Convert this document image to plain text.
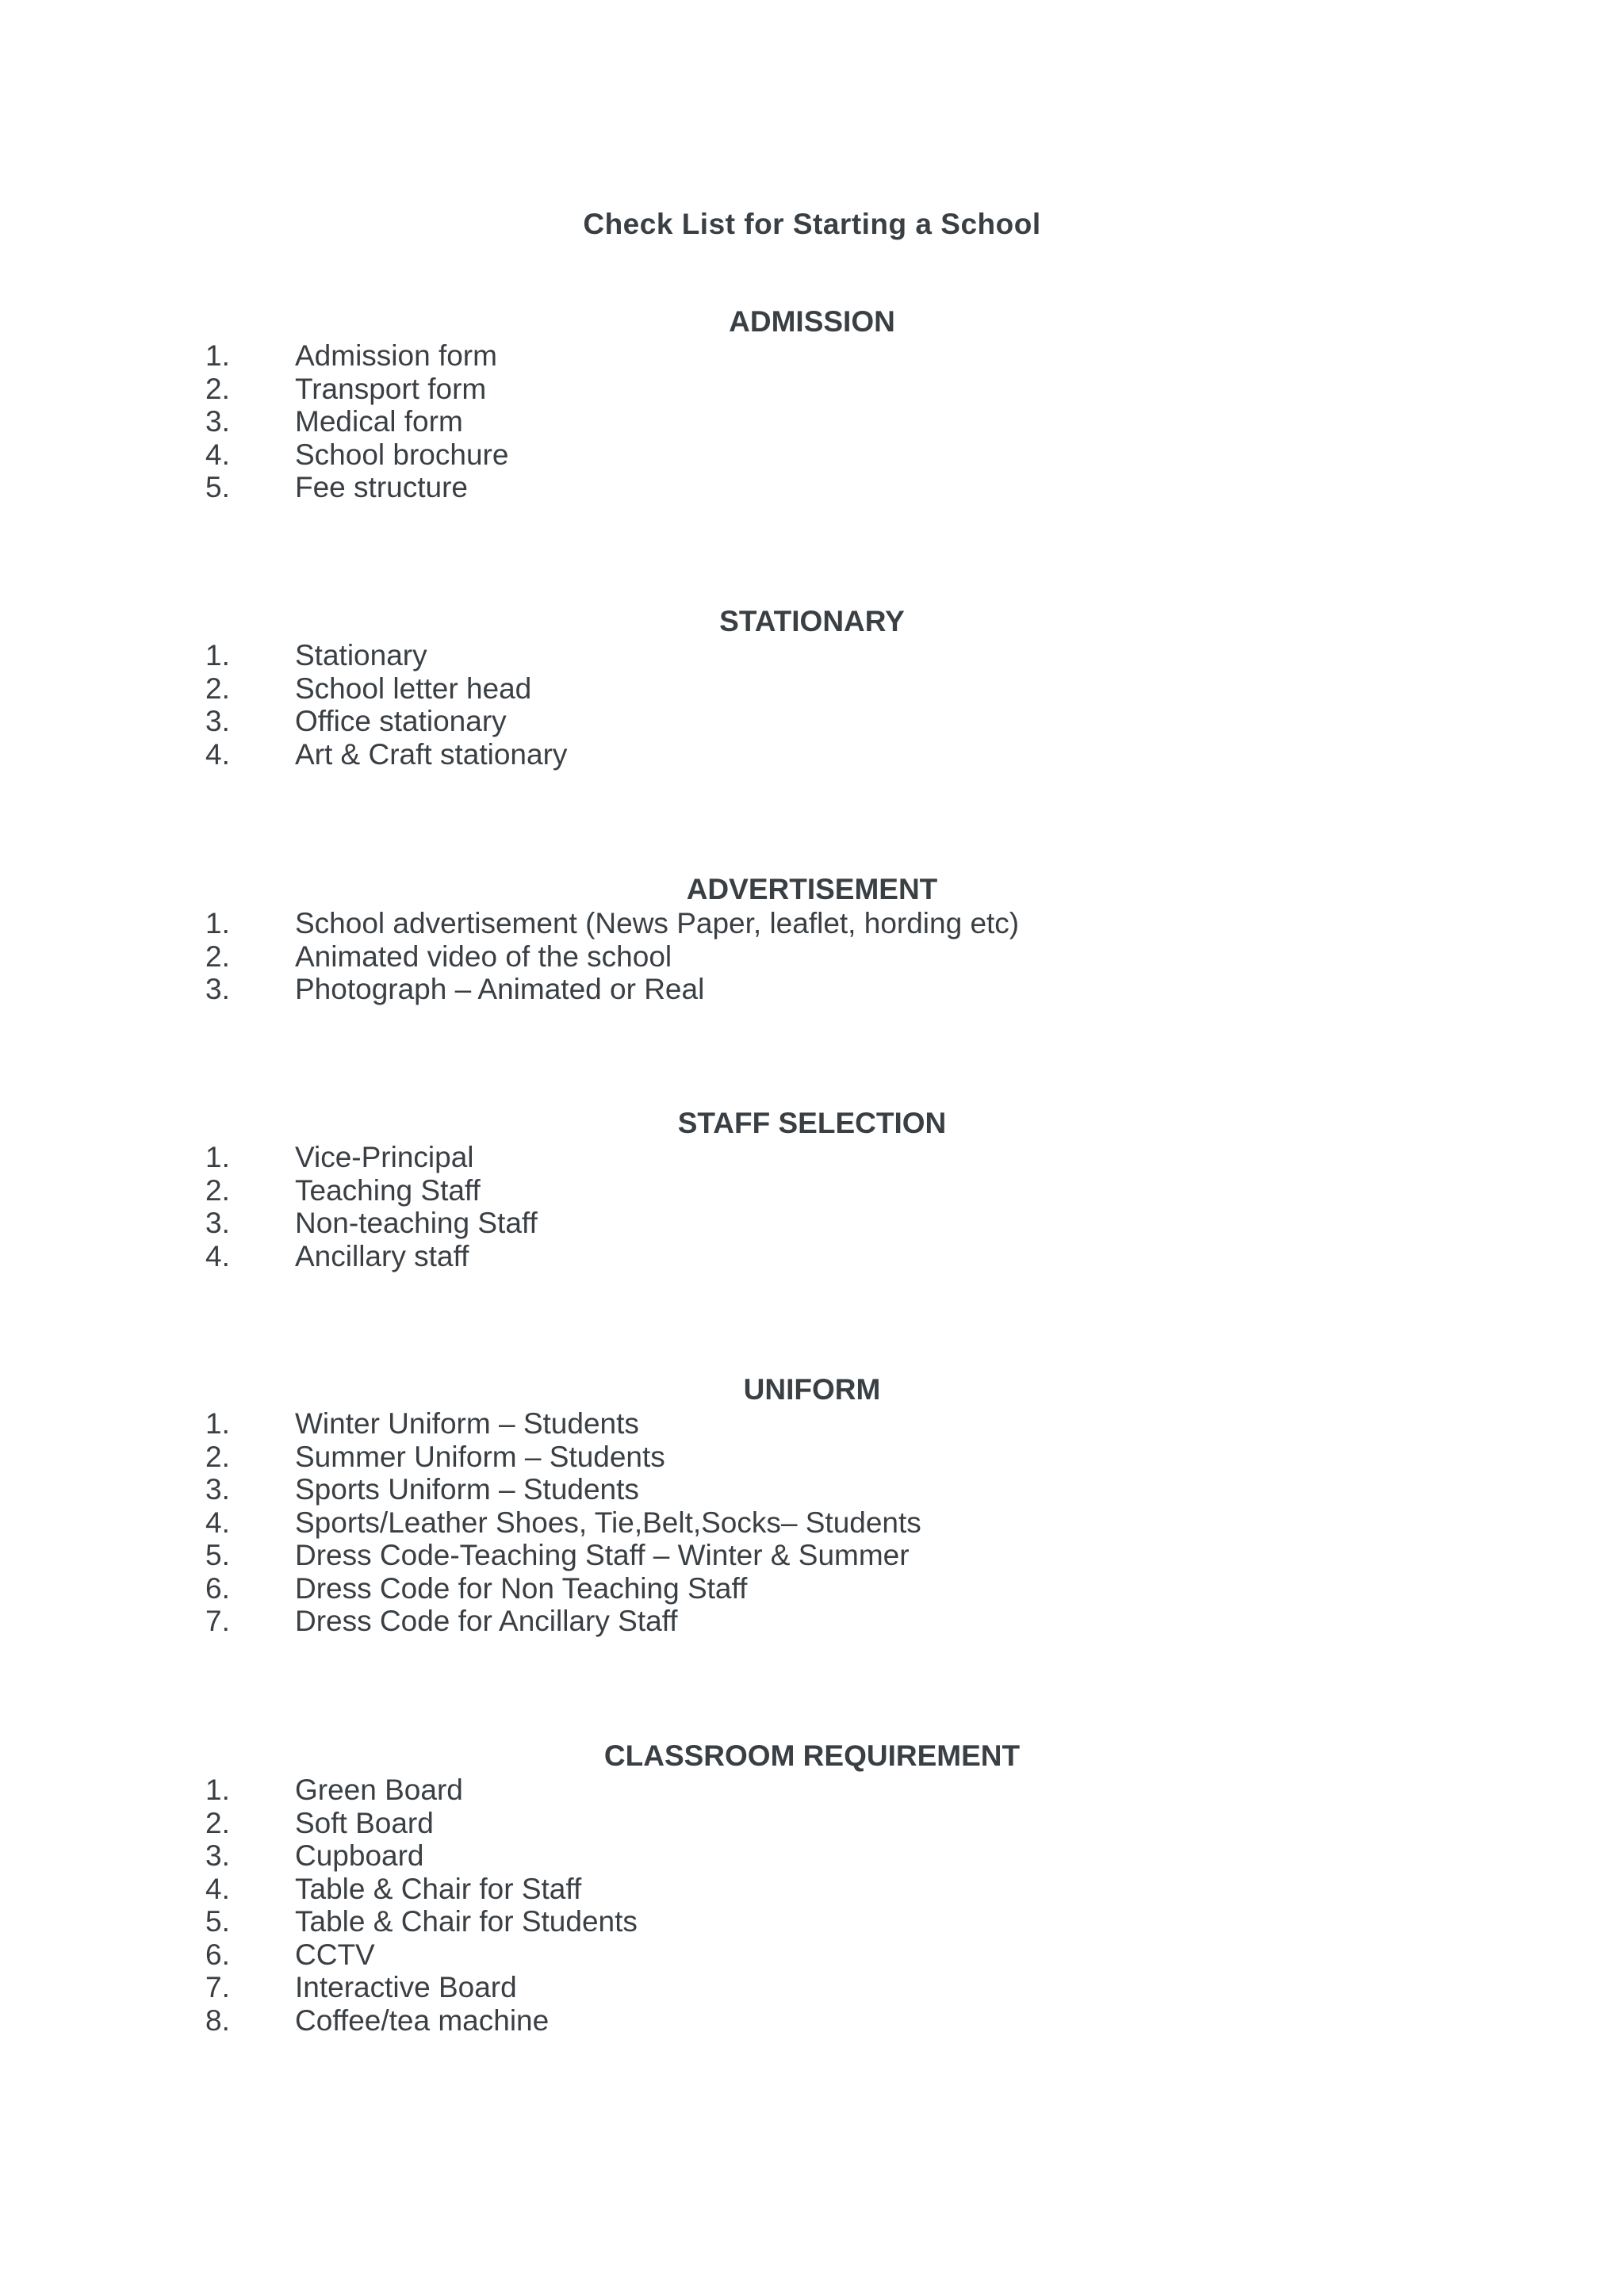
Check List for Starting a School
ADMISSION
1. Admission form
2. Transport form
3. Medical form
4. School brochure
5. Fee structure
STATIONARY
1. Stationary
2. School letter head
3. Office stationary
4. Art & Craft stationary
ADVERTISEMENT
1. School advertisement (News Paper, leaflet, hording etc)
2. Animated video of the school
3. Photograph – Animated or Real
STAFF SELECTION
1. Vice-Principal
2. Teaching Staff
3. Non-teaching Staff
4. Ancillary staff
UNIFORM
1. Winter Uniform – Students
2. Summer Uniform – Students
3. Sports Uniform – Students
4. Sports/Leather Shoes, Tie,Belt,Socks– Students
5. Dress Code-Teaching Staff – Winter & Summer
6. Dress Code for Non Teaching Staff
7. Dress Code for Ancillary Staff
CLASSROOM REQUIREMENT
1. Green Board
2. Soft Board
3. Cupboard
4. Table & Chair for Staff
5. Table & Chair for Students
6. CCTV
7. Interactive Board
8. Coffee/tea machine
